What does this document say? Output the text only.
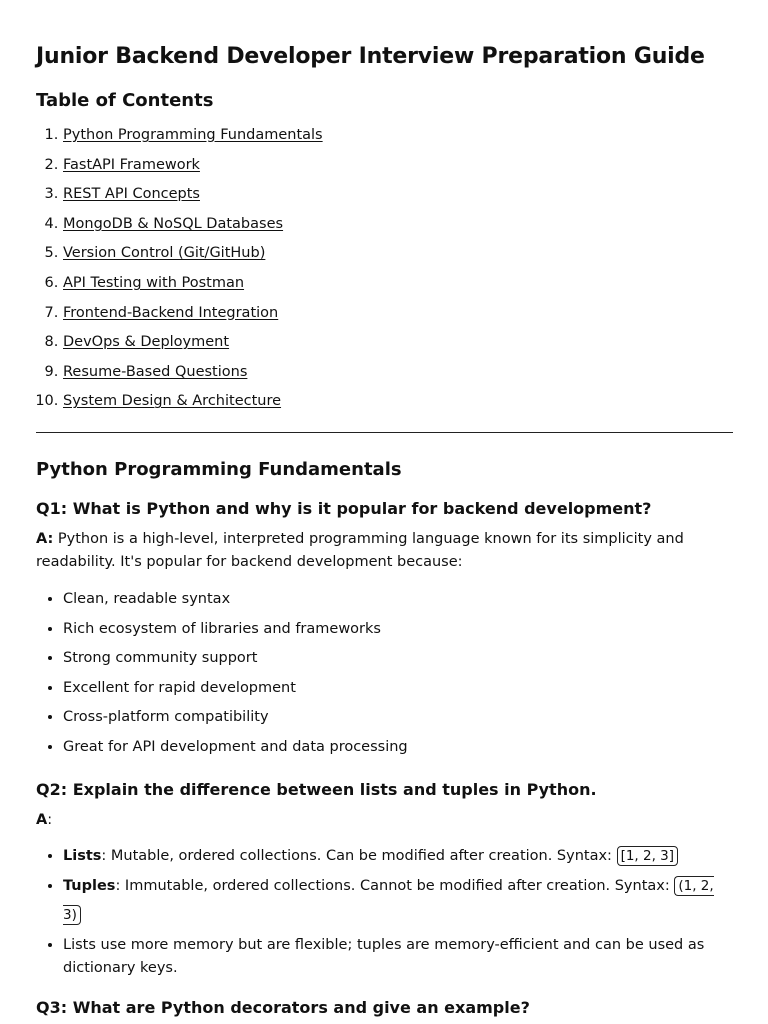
Junior Backend Developer Interview Preparation Guide
Table of Contents
1. Python Programming Fundamentals
2. FastAPI Framework
3. REST API Concepts
4. MongoDB & NoSQL Databases
5. Version Control (Git/GitHub)
6. API Testing with Postman
7. Frontend-Backend Integration
8. DevOps & Deployment
9. Resume-Based Questions
10. System Design & Architecture
Python Programming Fundamentals
Q1: What is Python and why is it popular for backend development?

A: Python is a high-level, interpreted programming language known for its simplicity and readability. It's popular for backend development because:

• Clean, readable syntax
• Rich ecosystem of libraries and frameworks
• Strong community support
• Excellent for rapid development
• Cross-platform compatibility
• Great for API development and data processing
Q2: Explain the difference between lists and tuples in Python.

A:

• Lists: Mutable, ordered collections. Can be modified after creation. Syntax: [1, 2, 3]
• Tuples: Immutable, ordered collections. Cannot be modified after creation. Syntax: (1, 2, 3)
• Lists use more memory but are flexible; tuples are memory-efficient and can be used as dictionary keys.
Q3: What are Python decorators and give an example?
